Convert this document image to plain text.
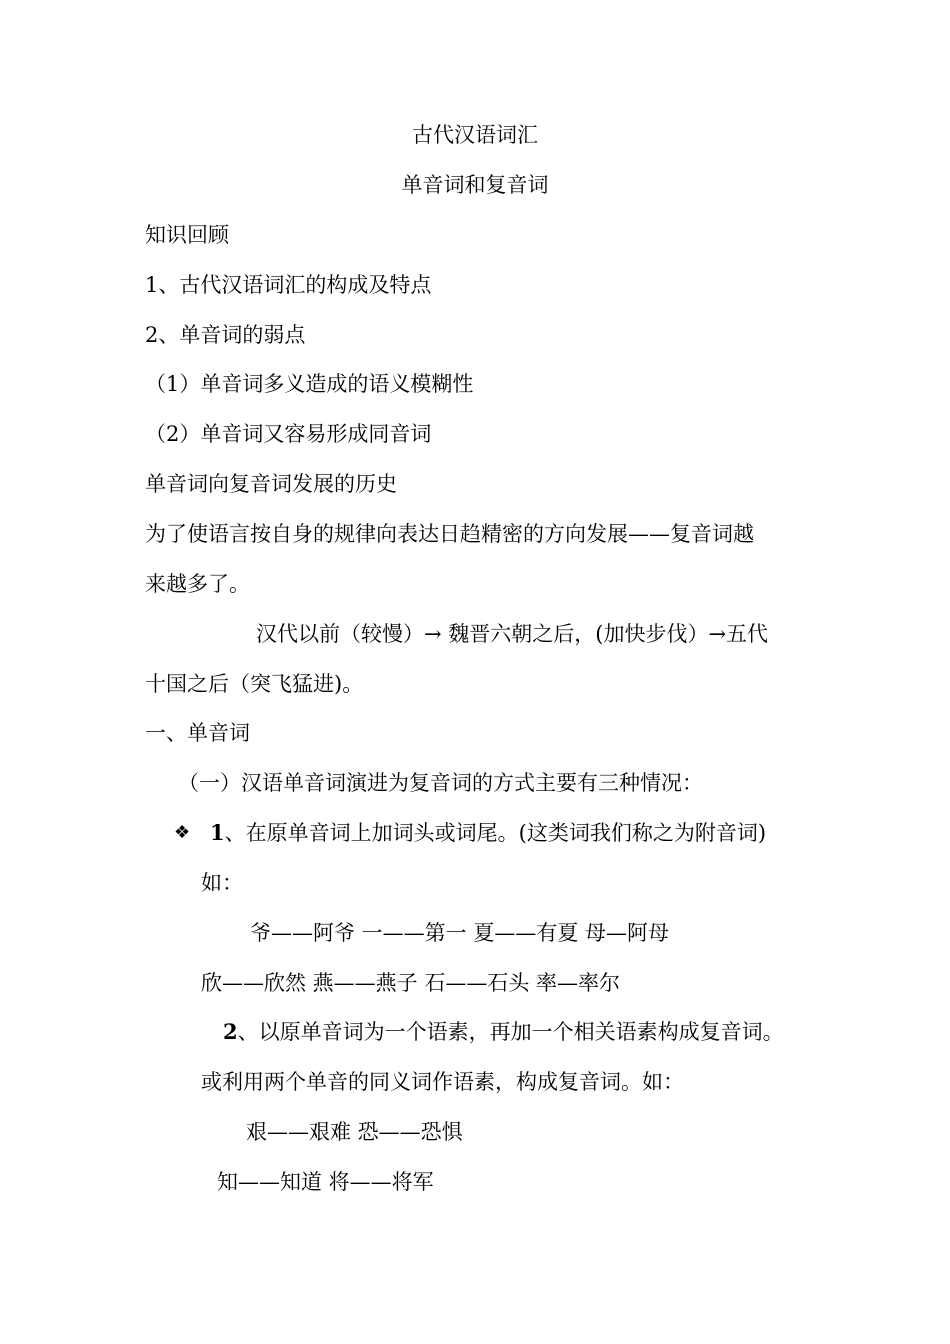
古代汉语词汇

单音词和复音词

知识回顾

1、古代汉语词汇的构成及特点

2、单音词的弱点

（1）单音词多义造成的语义模糊性

（2）单音词又容易形成同音词

单音词向复音词发展的历史

为了使语言按自身的规律向表达日趋精密的方向发展——复音词越

来越多了。

汉代以前（较慢）→ 魏晋六朝之后，(加快步伐）→五代

十国之后（突飞猛进)。

一、单音词

（一）汉语单音词演进为复音词的方式主要有三种情况：

❖ 1、在原单音词上加词头或词尾。(这类词我们称之为附音词)

如：

爷——阿爷 一——第一 夏——有夏 母—阿母

欣——欣然 燕——燕子 石——石头 率—率尔

2、以原单音词为一个语素，再加一个相关语素构成复音词。

或利用两个单音的同义词作语素，构成复音词。如：

艰——艰难 恐——恐惧

知——知道 将——将军
